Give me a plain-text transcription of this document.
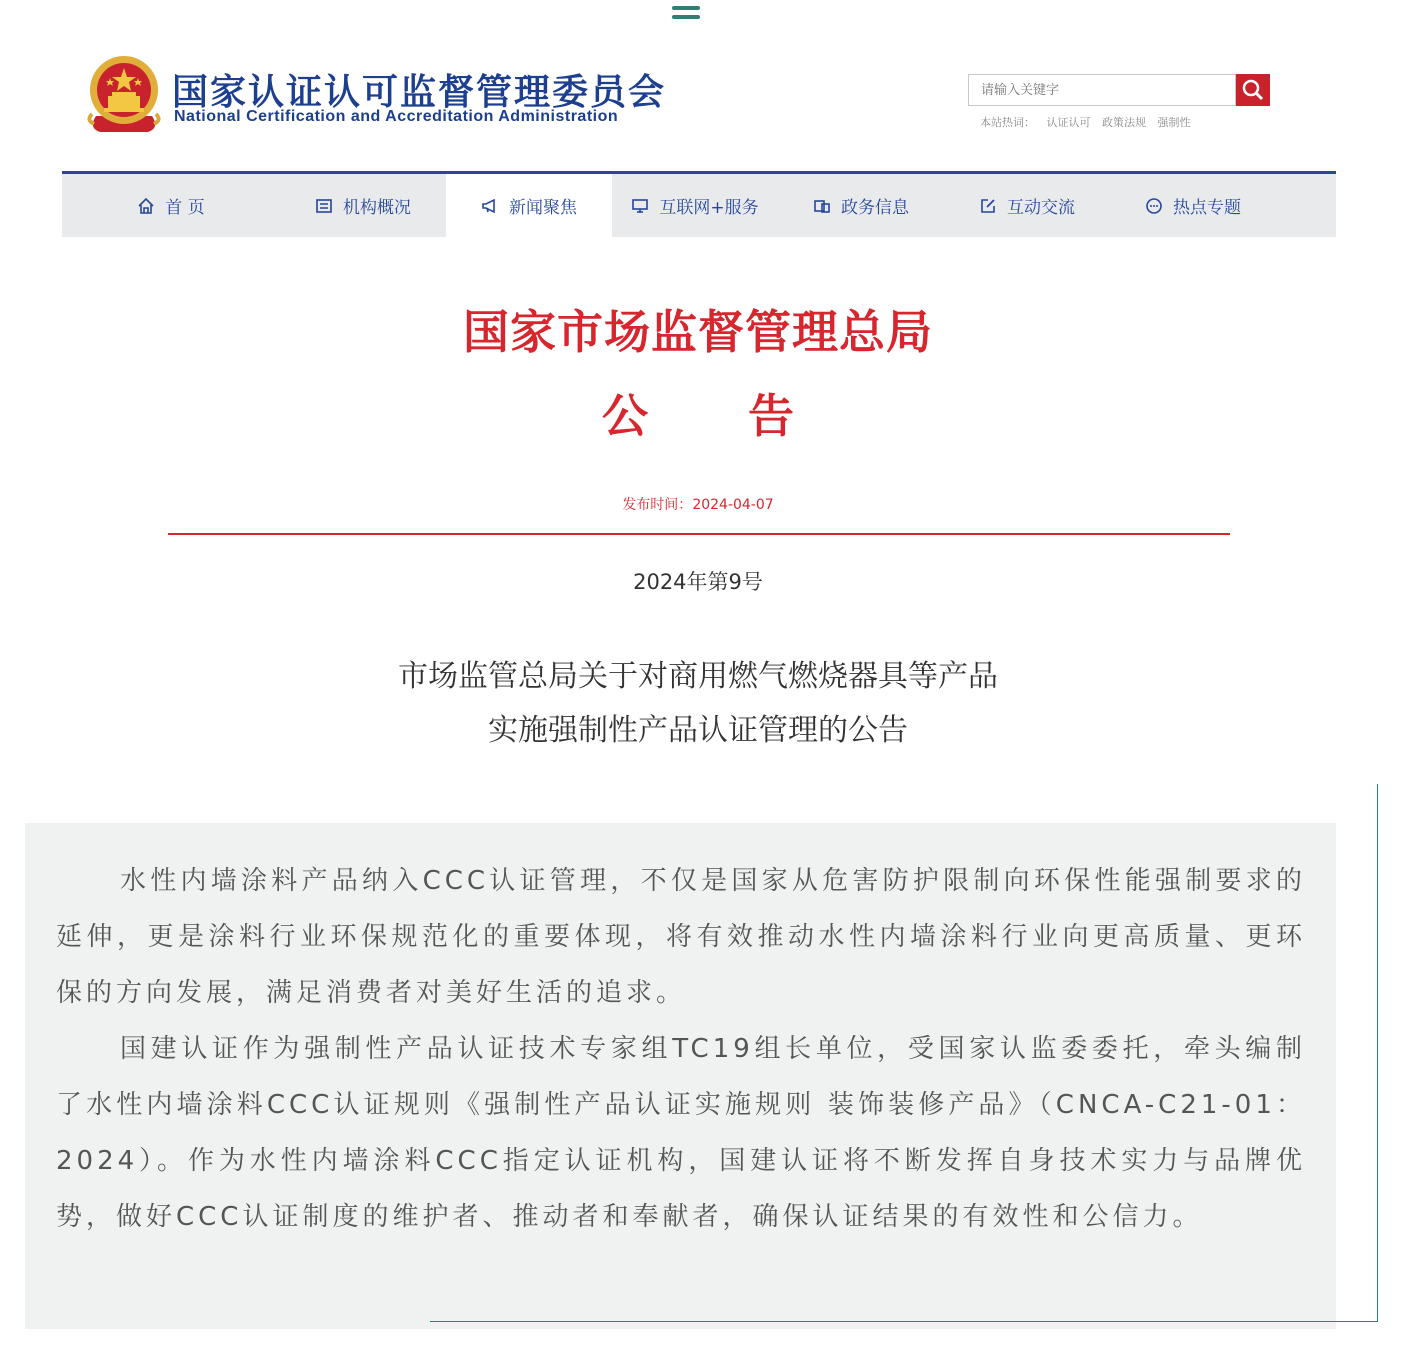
国家认证认可监督管理委员会
National Certification and Accreditation Administration
请输入关键字	本站热词： 认证认可 政策法规 强制性
首 页	机构概况	新闻聚焦	互联网+服务	政务信息	互动交流	热点专题
国家市场监督管理总局
公告
发布时间：2024-04-07
2024年第9号
市场监管总局关于对商用燃气燃烧器具等产品
实施强制性产品认证管理的公告

水性内墙涂料产品纳入CCC认证管理，不仅是国家从危害防护限制向环保性能强制要求的延伸，更是涂料行业环保规范化的重要体现，将有效推动水性内墙涂料行业向更高质量、更环保的方向发展，满足消费者对美好生活的追求。

国建认证作为强制性产品认证技术专家组TC19组长单位，受国家认监委委托，牵头编制了水性内墙涂料CCC认证规则《强制性产品认证实施规则 装饰装修产品》（CNCA-C21-01：2024）。作为水性内墙涂料CCC指定认证机构，国建认证将不断发挥自身技术实力与品牌优势，做好CCC认证制度的维护者、推动者和奉献者，确保认证结果的有效性和公信力。
